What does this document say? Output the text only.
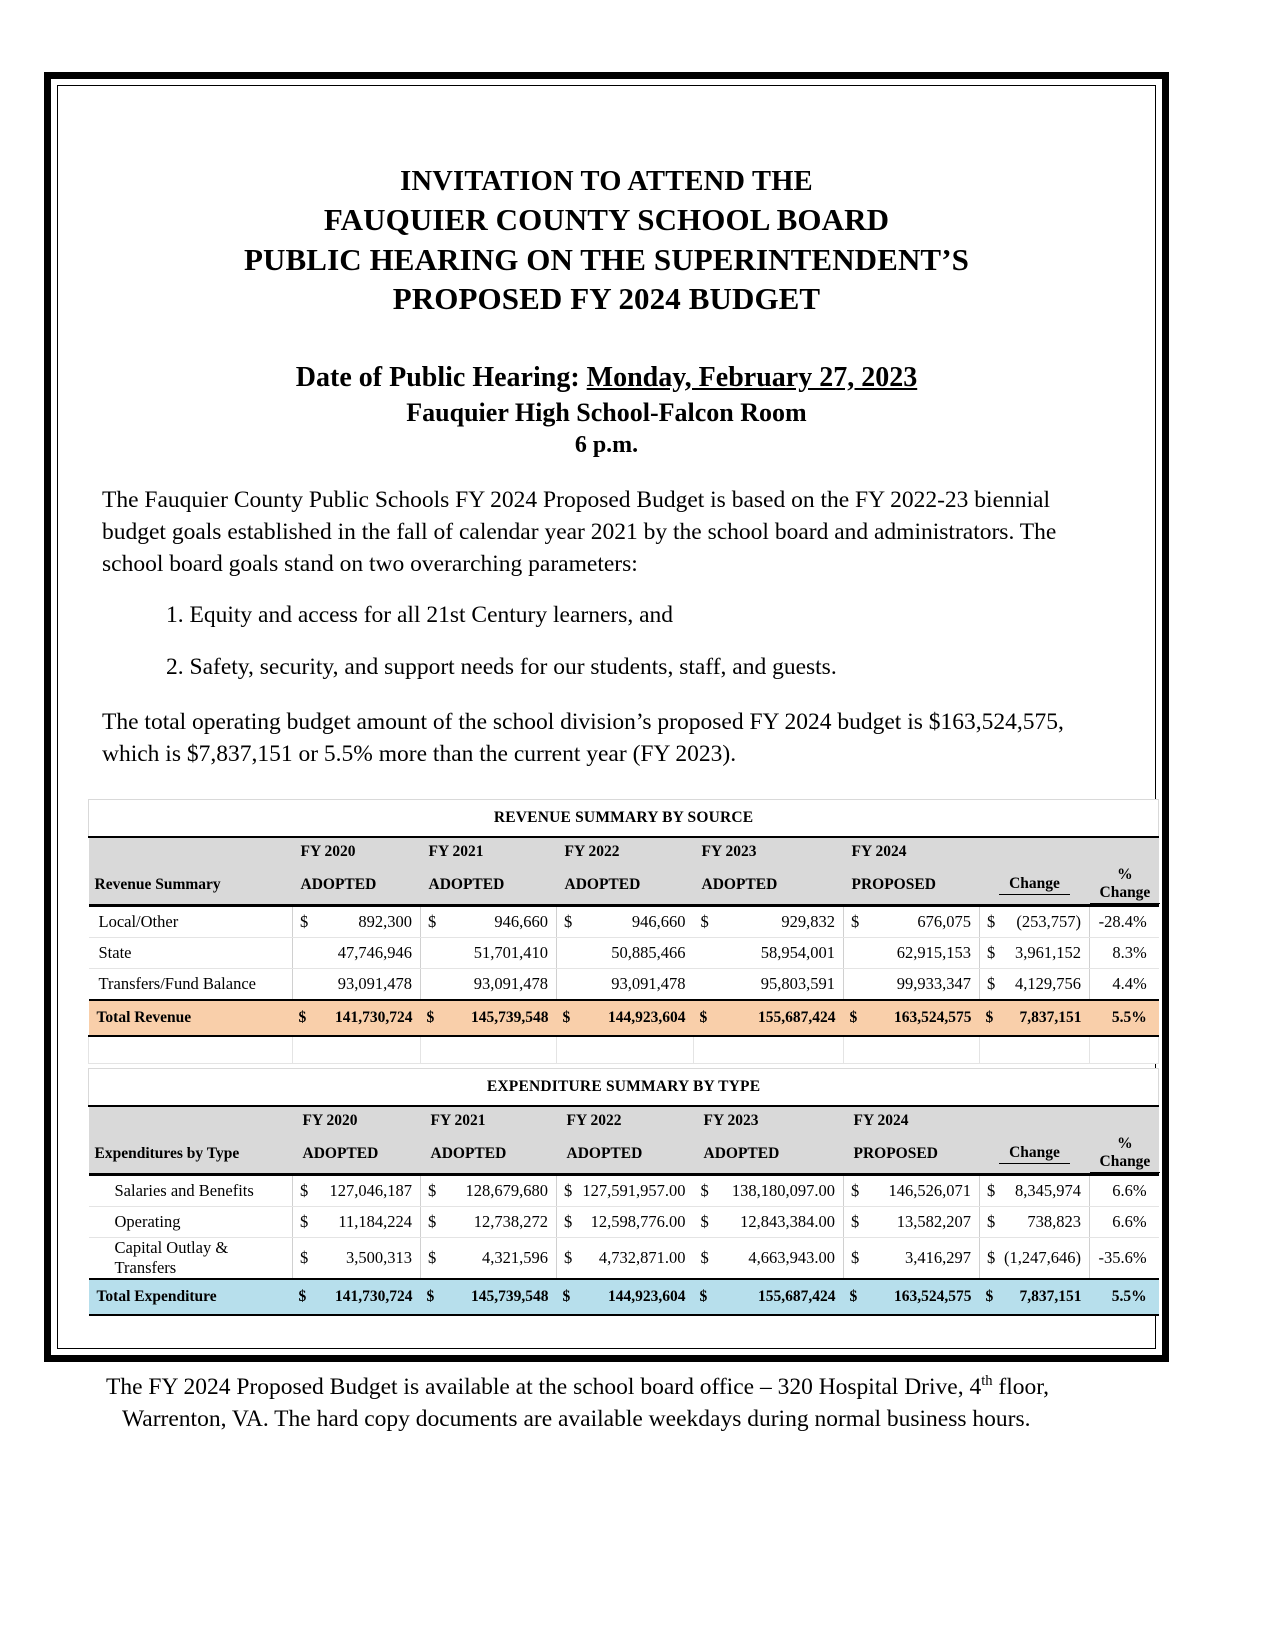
INVITATION TO ATTEND THE
FAUQUIER COUNTY SCHOOL BOARD
PUBLIC HEARING ON THE SUPERINTENDENT’S
PROPOSED FY 2024 BUDGET
Date of Public Hearing: Monday, February 27, 2023
Fauquier High School-Falcon Room
6 p.m.

The Fauquier County Public Schools FY 2024 Proposed Budget is based on the FY 2022-23 biennial budget goals established in the fall of calendar year 2021 by the school board and administrators. The school board goals stand on two overarching parameters:

1. Equity and access for all 21st Century learners, and
2. Safety, security, and support needs for our students, staff, and guests.

The total operating budget amount of the school division’s proposed FY 2024 budget is $163,524,575, which is $7,837,151 or 5.5% more than the current year (FY 2023).

REVENUE SUMMARY BY SOURCE													
	FY 2020		FY 2021		FY 2022		FY 2023		FY 2024				
Revenue Summary	ADOPTED		ADOPTED		ADOPTED		ADOPTED		PROPOSED		Change		% Change
Local/Other	$	892,300	$	946,660	$	946,660	$	929,832	$	676,075	$	(253,757)	-28.4%
State		47,746,946		51,701,410		50,885,466		58,954,001		62,915,153	$	3,961,152	8.3%
Transfers/Fund Balance		93,091,478		93,091,478		93,091,478		95,803,591		99,933,347	$	4,129,756	4.4%
Total Revenue	$	141,730,724	$	145,739,548	$	144,923,604	$	155,687,424	$	163,524,575	$	7,837,151	5.5%

EXPENDITURE SUMMARY BY TYPE													
	FY 2020		FY 2021		FY 2022		FY 2023		FY 2024				
Expenditures by Type	ADOPTED		ADOPTED		ADOPTED		ADOPTED		PROPOSED		Change		% Change
Salaries and Benefits	$	127,046,187	$	128,679,680	$	127,591,957.00	$	138,180,097.00	$	146,526,071	$	8,345,974	6.6%
Operating	$	11,184,224	$	12,738,272	$	12,598,776.00	$	12,843,384.00	$	13,582,207	$	738,823	6.6%
Capital Outlay & Transfers	$	3,500,313	$	4,321,596	$	4,732,871.00	$	4,663,943.00	$	3,416,297	$	(1,247,646)	-35.6%
Total Expenditure	$	141,730,724	$	145,739,548	$	144,923,604	$	155,687,424	$	163,524,575	$	7,837,151	5.5%
The FY 2024 Proposed Budget is available at the school board office – 320 Hospital Drive, 4th floor,
Warrenton, VA. The hard copy documents are available weekdays during normal business hours.
